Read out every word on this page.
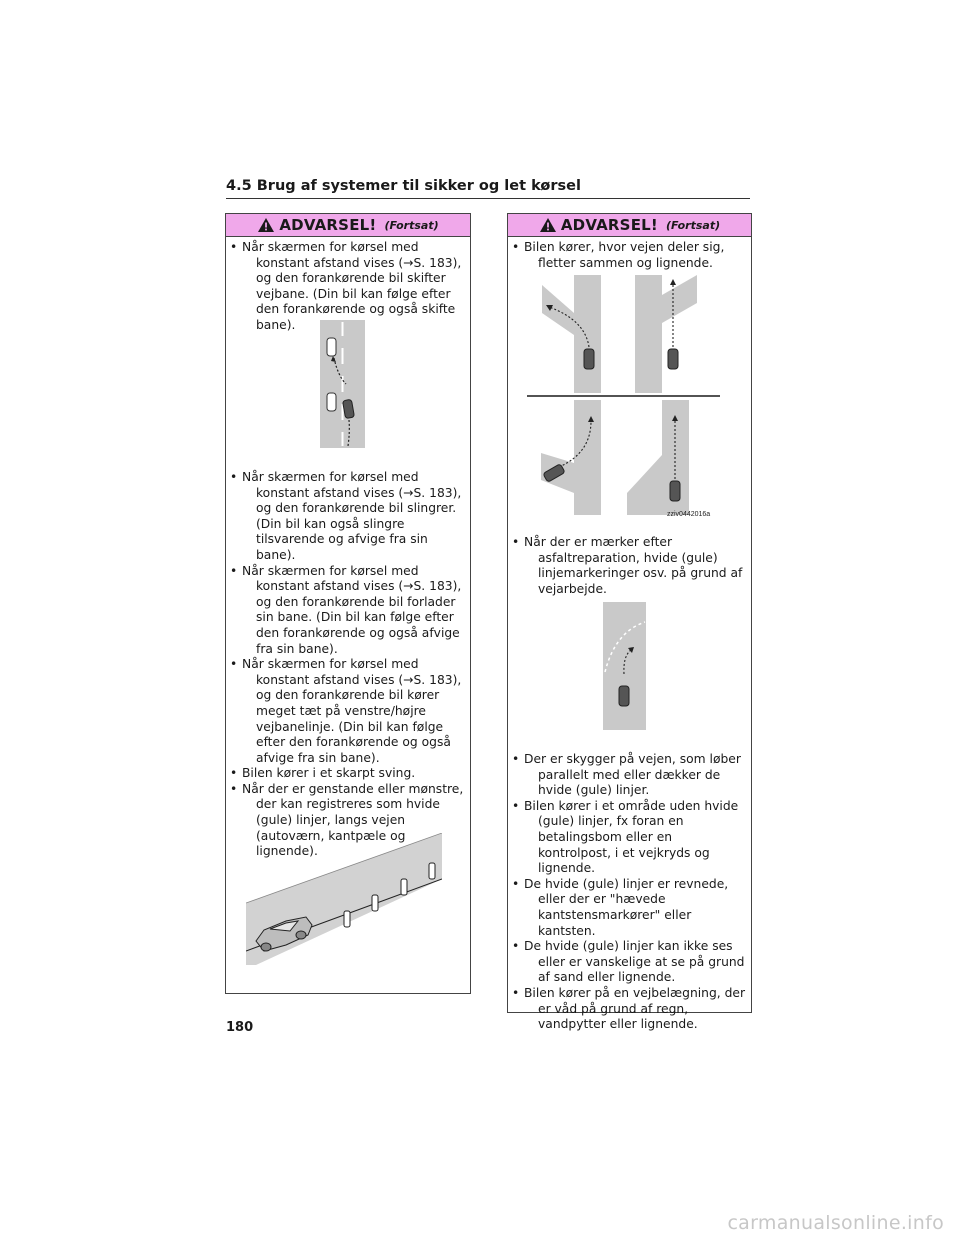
4.5 Brug af systemer til sikker og let kørsel
ADVARSEL! (Fortsat)
• Når skærmen for kørsel med konstant afstand vises (→S. 183), og den forankørende bil skifter vejbane. (Din bil kan følge efter den forankørende og også skifte bane).
• Når skærmen for kørsel med konstant afstand vises (→S. 183), og den forankørende bil slingrer. (Din bil kan også slingre tilsvarende og afvige fra sin bane).
• Når skærmen for kørsel med konstant afstand vises (→S. 183), og den forankørende bil forlader sin bane. (Din bil kan følge efter den forankørende og også afvige fra sin bane).
• Når skærmen for kørsel med konstant afstand vises (→S. 183), og den forankørende bil kører meget tæt på venstre/højre vejbanelinje. (Din bil kan følge efter den forankørende og også afvige fra sin bane).
• Bilen kører i et skarpt sving.
• Når der er genstande eller mønstre, der kan registreres som hvide (gule) linjer, langs vejen (autoværn, kantpæle og lignende).
ADVARSEL! (Fortsat)
• Bilen kører, hvor vejen deler sig, fletter sammen og lignende.
zziv0442016a
• Når der er mærker efter asfaltreparation, hvide (gule) linjemarkeringer osv. på grund af vejarbejde.
• Der er skygger på vejen, som løber parallelt med eller dækker de hvide (gule) linjer.
• Bilen kører i et område uden hvide (gule) linjer, fx foran en betalingsbom eller en kontrolpost, i et vejkryds og lignende.
• De hvide (gule) linjer er revnede, eller der er "hævede kantstensmarkører" eller kantsten.
• De hvide (gule) linjer kan ikke ses eller er vanskelige at se på grund af sand eller lignende.
• Bilen kører på en vejbelægning, der er våd på grund af regn, vandpytter eller lignende.
180
carmanualsonline.info
